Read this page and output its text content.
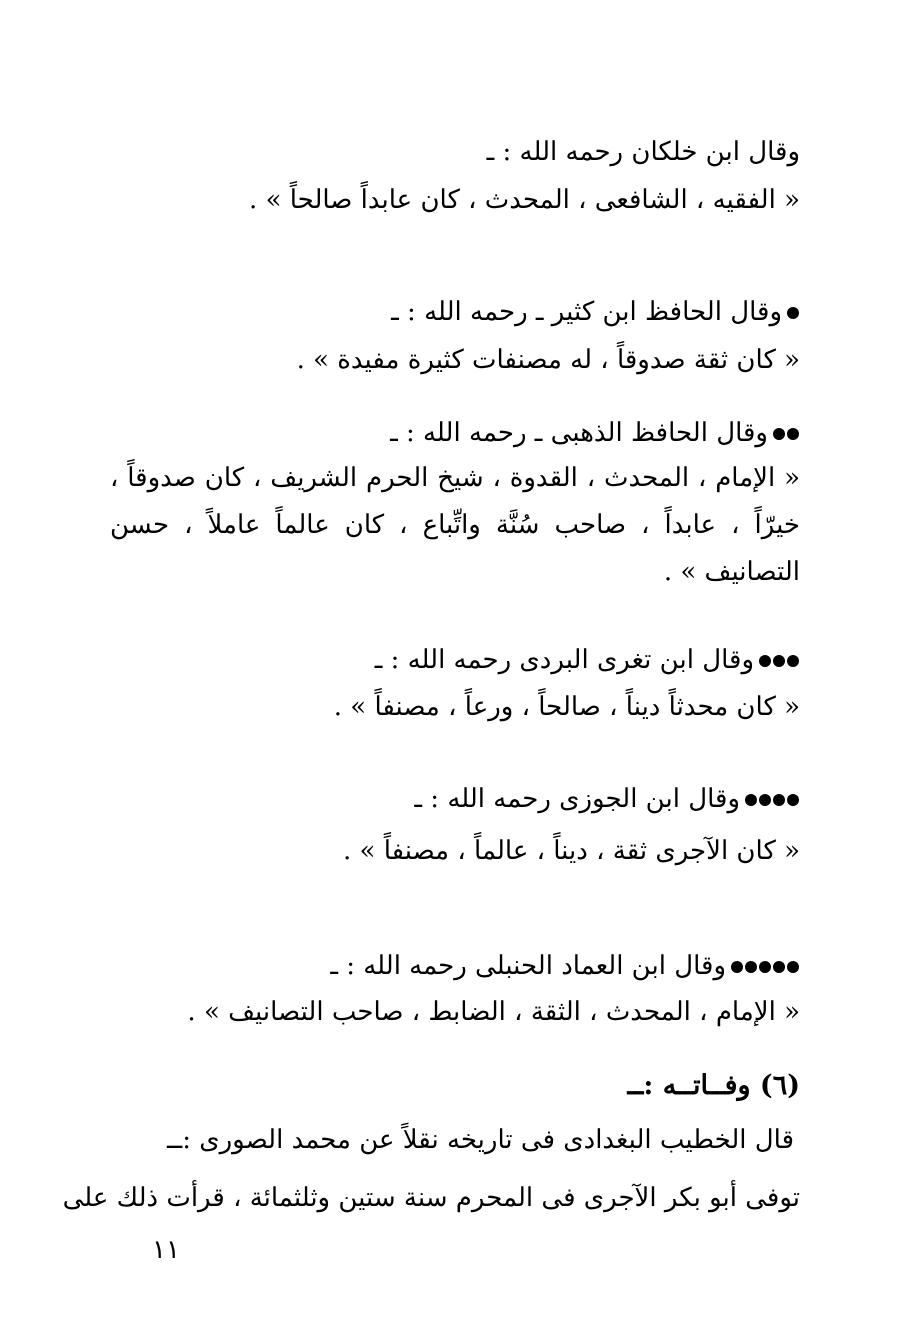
وقال ابن خلكان رحمه الله : ـ
« الفقيه ، الشافعى ، المحدث ، كان عابداً صالحاً » .
وقال الحافظ ابن كثير ـ رحمه الله : ـ
« كان ثقة صدوقاً ، له مصنفات كثيرة مفيدة » .
وقال الحافظ الذهبى ـ رحمه الله : ـ
« الإمام ، المحدث ، القدوة ، شيخ الحرم الشريف ، كان صدوقاً ،
خيرّاً ، عابداً ، صاحب سُنَّة واتِّباع ، كان عالماً عاملاً ، حسن
التصانيف » .
وقال ابن تغرى البردى رحمه الله : ـ
« كان محدثاً ديناً ، صالحاً ، ورعاً ، مصنفاً » .
وقال ابن الجوزى رحمه الله : ـ
« كان الآجرى ثقة ، ديناً ، عالماً ، مصنفاً » .
وقال ابن العماد الحنبلى رحمه الله : ـ
« الإمام ، المحدث ، الثقة ، الضابط ، صاحب التصانيف » .
(٦) وفــاتــه :ــ
قال الخطيب البغدادى فى تاريخه نقلاً عن محمد الصورى :ــ
توفى أبو بكر الآجرى فى المحرم سنة ستين وثلثمائة ، قرأت ذلك على
١١
